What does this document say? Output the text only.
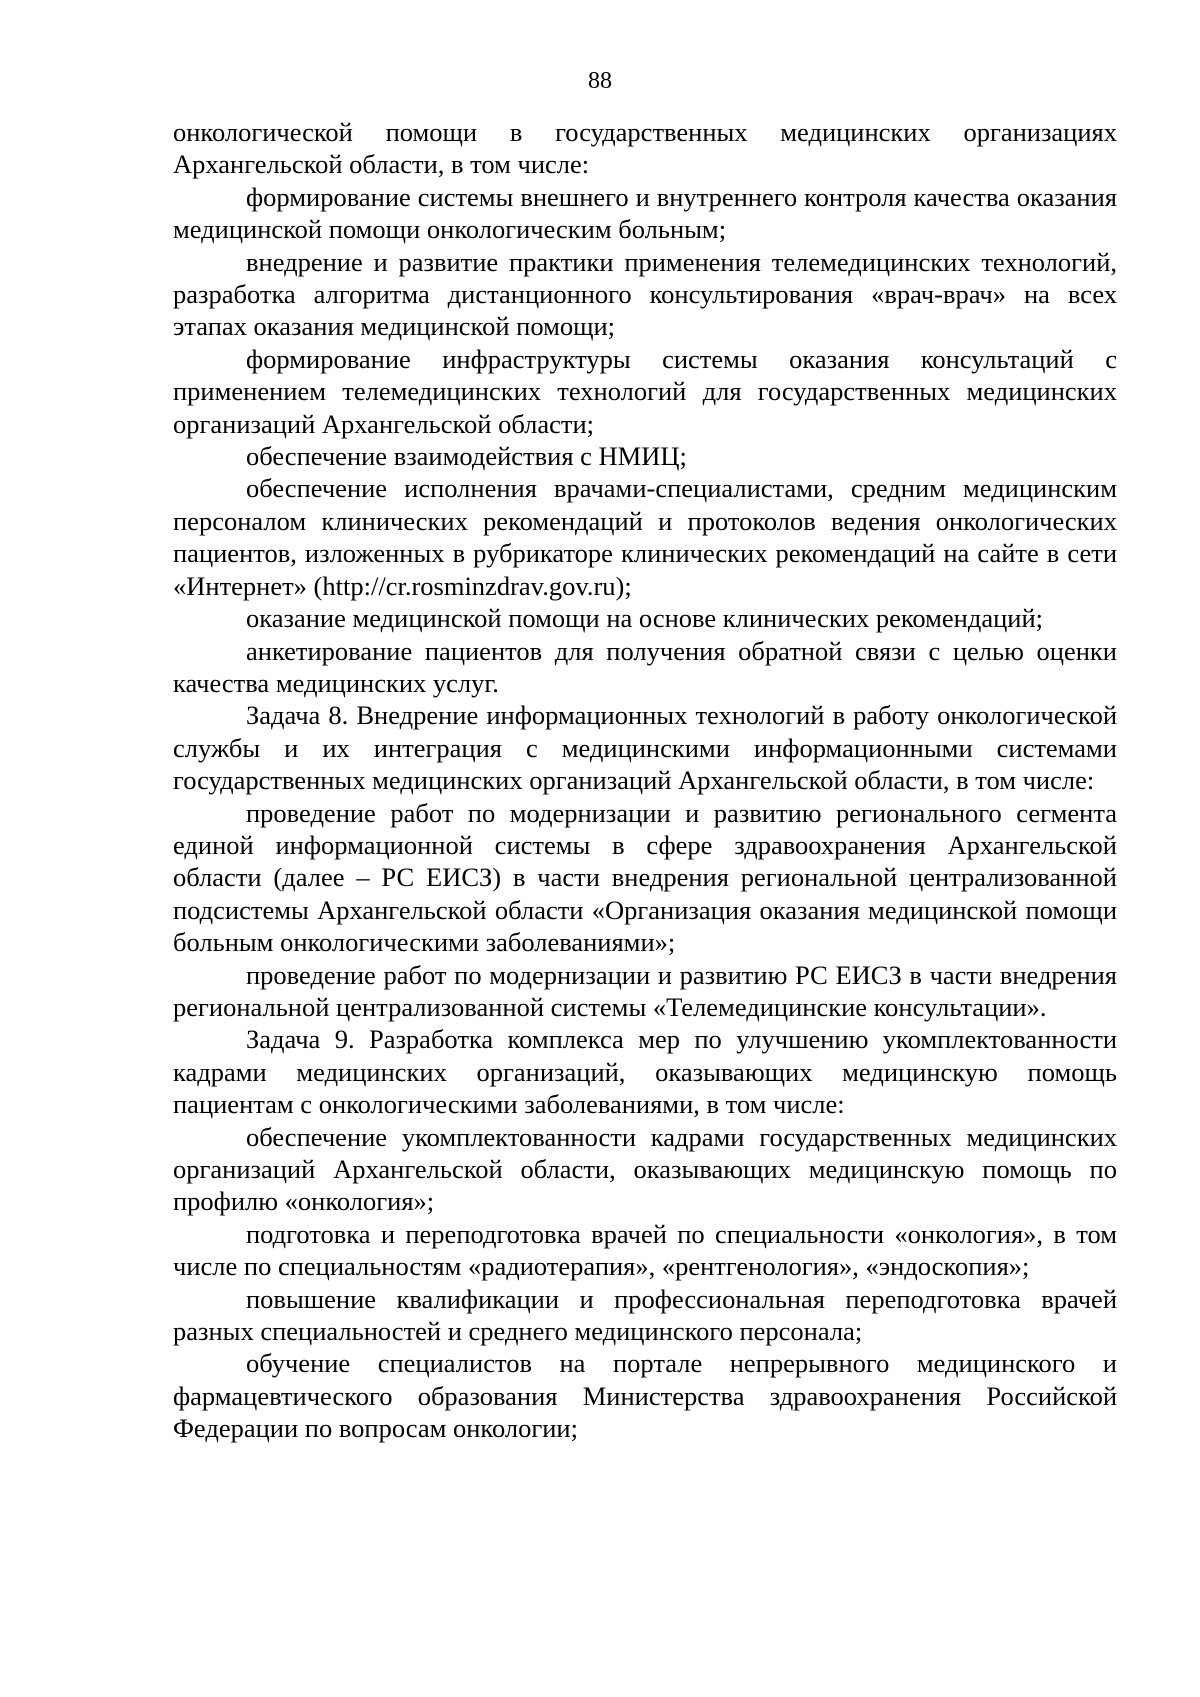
88

онкологической помощи в государственных медицинских организациях Архангельской области, в том числе:

формирование системы внешнего и внутреннего контроля качества оказания медицинской помощи онкологическим больным;

внедрение и развитие практики применения телемедицинских технологий, разработка алгоритма дистанционного консультирования «врач-врач» на всех этапах оказания медицинской помощи;

формирование инфраструктуры системы оказания консультаций с применением телемедицинских технологий для государственных медицинских организаций Архангельской области;

обеспечение взаимодействия с НМИЦ;

обеспечение исполнения врачами-специалистами, средним медицинским персоналом клинических рекомендаций и протоколов ведения онкологических пациентов, изложенных в рубрикаторе клинических рекомендаций на сайте в сети «Интернет» (http://cr.rosminzdrav.gov.ru);

оказание медицинской помощи на основе клинических рекомендаций;

анкетирование пациентов для получения обратной связи с целью оценки качества медицинских услуг.

Задача 8. Внедрение информационных технологий в работу онкологической службы и их интеграция с медицинскими информационными системами государственных медицинских организаций Архангельской области, в том числе:

проведение работ по модернизации и развитию регионального сегмента единой информационной системы в сфере здравоохранения Архангельской области (далее – РС ЕИСЗ) в части внедрения региональной централизованной подсистемы Архангельской области «Организация оказания медицинской помощи больным онкологическими заболеваниями»;

проведение работ по модернизации и развитию РС ЕИСЗ в части внедрения региональной централизованной системы «Телемедицинские консультации».

Задача 9. Разработка комплекса мер по улучшению укомплектованности кадрами медицинских организаций, оказывающих медицинскую помощь пациентам с онкологическими заболеваниями, в том числе:

обеспечение укомплектованности кадрами государственных медицинских организаций Архангельской области, оказывающих медицинскую помощь по профилю «онкология»;

подготовка и переподготовка врачей по специальности «онкология», в том числе по специальностям «радиотерапия», «рентгенология», «эндоскопия»;

повышение квалификации и профессиональная переподготовка врачей разных специальностей и среднего медицинского персонала;

обучение специалистов на портале непрерывного медицинского и фармацевтического образования Министерства здравоохранения Российской Федерации по вопросам онкологии;
